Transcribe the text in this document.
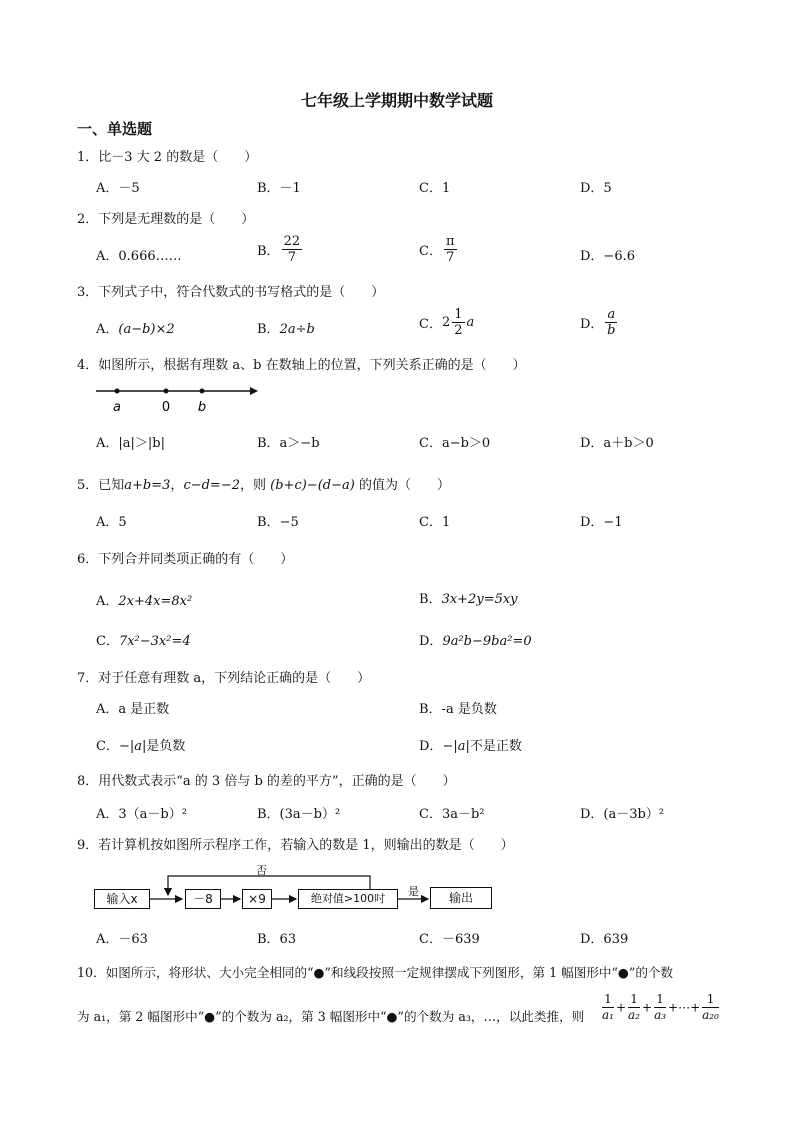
七年级上学期期中数学试题
一、单选题
1．比－3 大 2 的数是（　　）
A．－5	B．－1	C．1	D．5
2．下列是无理数的是（　　）
A．0.666……	B． $\frac{22}{7}$	C． $\frac{\pi}{7}$	D．−6.6
3．下列式子中，符合代数式的书写格式的是（　　）
A．(a−b)×2	B．2a÷b	C．$2 \frac{1}{2}$ a	D． $\frac{a}{b}$
4．如图所示，根据有理数 a、b 在数轴上的位置，下列关系正确的是（　　）
a	0 b
A．|a|＞|b|	B．a＞−b	C．a−b＞0	D．a＋b＞0
5．已知a+b=3，c−d=−2，则 (b+c)−(d−a) 的值为（　　）
A．5	B．−5	C．1	D．−1
6．下列合并同类项正确的有（　　）
A．2x+4x=8x²	B．3x+2y=5xy
C．7x²−3x²=4	D．9a²b−9ba²=0
7．对于任意有理数 a，下列结论正确的是（　　）
A．a 是正数	B．-a 是负数
C．−|a|是负数	D．−|a|不是正数
8．用代数式表示“a 的 3 倍与 b 的差的平方”，正确的是（　　）
A．3（a－b）²	B．(3a－b）²	C．3a－b²	D．(a－3b）²
9．若计算机按如图所示程序工作，若输入的数是 1，则输出的数是（　　）
输入x	－8	×9	绝对值>100吋	输出
否
是
A．－63	B．63	C．－639	D．639
10．如图所示，将形状、大小完全相同的“●”和线段按照一定规律摆成下列图形，第 1 幅图形中“●”的个数
为 a₁，第 2 幅图形中“●”的个数为 a₂，第 3 幅图形中“●”的个数为 a₃，…，以此类推，则 $\frac{1}{\text{a₁}} + \frac{1}{\text{a₂}} + \frac{1}{\text{a₃}}$ +⋯+ $\frac{1}{\text{a₂₀}}$
